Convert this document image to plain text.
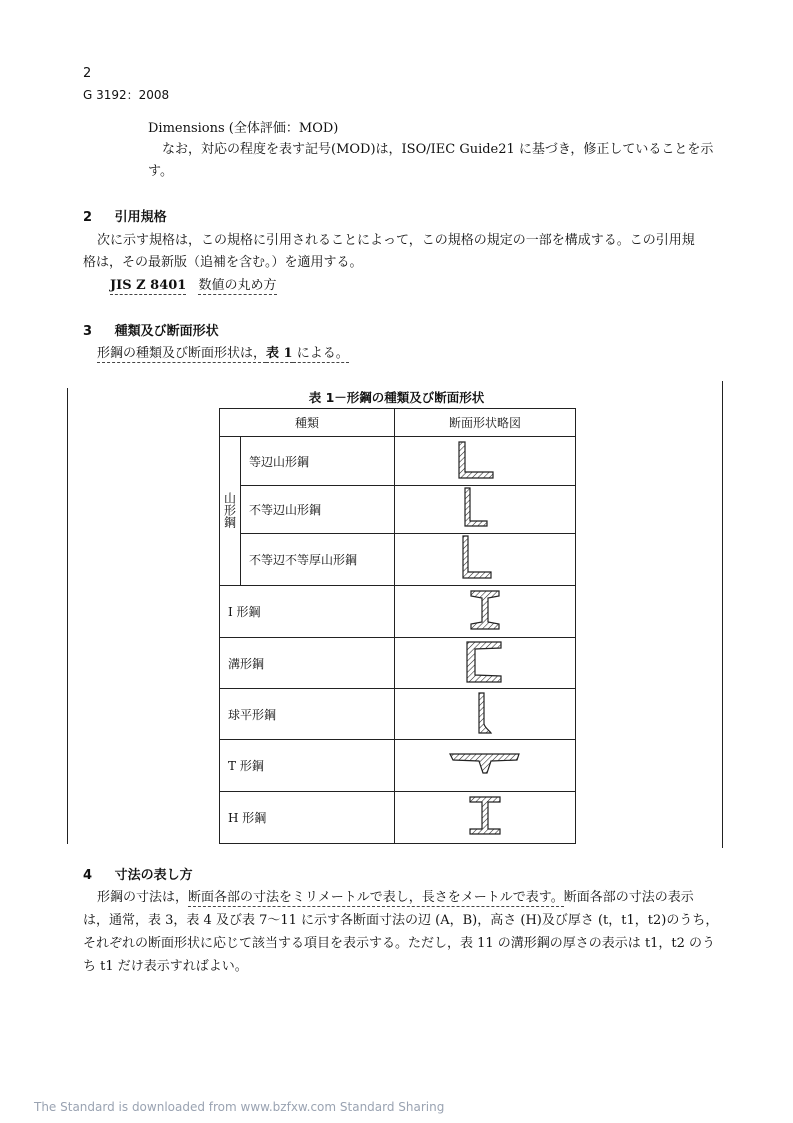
2
G 3192：2008
Dimensions (全体評価：MOD)
なお，対応の程度を表す記号(MOD)は，ISO/IEC Guide21 に基づき，修正していることを示
す。
2 引用規格
次に示す規格は，この規格に引用されることによって，この規格の規定の一部を構成する。この引用規
格は，その最新版（追補を含む。）を適用する。
JIS Z 8401 数値の丸め方
3 種類及び断面形状
形鋼の種類及び断面形状は，表 1 による。
表 1－形鋼の種類及び断面形状
種類		断面形状略図
山形鋼	等辺山形鋼	
	不等辺山形鋼	
	不等辺不等厚山形鋼	
I 形鋼	
溝形鋼	
球平形鋼	
T 形鋼	
H 形鋼	
4 寸法の表し方
形鋼の寸法は，断面各部の寸法をミリメートルで表し，長さをメートルで表す。断面各部の寸法の表示
は，通常，表 3，表 4 及び表 7～11 に示す各断面寸法の辺 (A，B)，高さ (H)及び厚さ (t，t1，t2)のうち，
それぞれの断面形状に応じて該当する項目を表示する。ただし，表 11 の溝形鋼の厚さの表示は t1，t2 のう
ち t1 だけ表示すればよい。
The Standard is downloaded from www.bzfxw.com Standard Sharing
